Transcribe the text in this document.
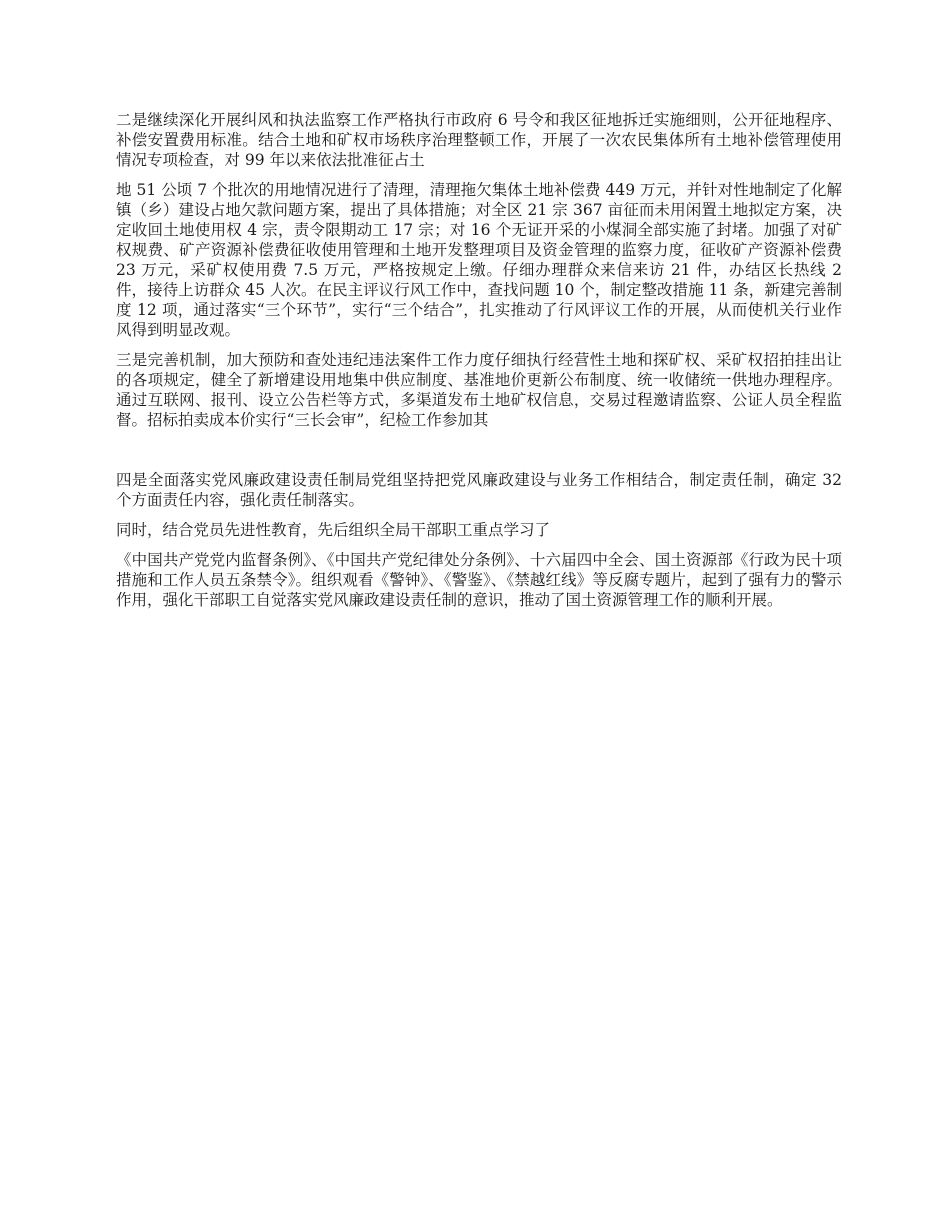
二是继续深化开展纠风和执法监察工作严格执行市政府 6 号令和我区征地拆迁实施细则，公开征地程序、补偿安置费用标准。结合土地和矿权市场秩序治理整顿工作，开展了一次农民集体所有土地补偿管理使用情况专项检查，对 99 年以来依法批准征占土

地 51 公顷 7 个批次的用地情况进行了清理，清理拖欠集体土地补偿费 449 万元，并针对性地制定了化解镇（乡）建设占地欠款问题方案，提出了具体措施；对全区 21 宗 367 亩征而未用闲置土地拟定方案，决定收回土地使用权 4 宗，责令限期动工 17 宗；对 16 个无证开采的小煤洞全部实施了封堵。加强了对矿权规费、矿产资源补偿费征收使用管理和土地开发整理项目及资金管理的监察力度，征收矿产资源补偿费 23 万元，采矿权使用费 7.5 万元，严格按规定上缴。仔细办理群众来信来访 21 件，办结区长热线 2 件，接待上访群众 45 人次。在民主评议行风工作中，查找问题 10 个，制定整改措施 11 条，新建完善制度 12 项，通过落实“三个环节”，实行“三个结合”，扎实推动了行风评议工作的开展，从而使机关行业作风得到明显改观。

三是完善机制，加大预防和查处违纪违法案件工作力度仔细执行经营性土地和探矿权、采矿权招拍挂出让的各项规定，健全了新增建设用地集中供应制度、基准地价更新公布制度、统一收储统一供地办理程序。通过互联网、报刊、设立公告栏等方式，多渠道发布土地矿权信息，交易过程邀请监察、公证人员全程监督。招标拍卖成本价实行“三长会审”，纪检工作参加其

四是全面落实党风廉政建设责任制局党组坚持把党风廉政建设与业务工作相结合，制定责任制，确定 32 个方面责任内容，强化责任制落实。

同时，结合党员先进性教育，先后组织全局干部职工重点学习了

《中国共产党党内监督条例》、《中国共产党纪律处分条例》、十六届四中全会、国土资源部《行政为民十项措施和工作人员五条禁令》。组织观看《警钟》、《警鉴》、《禁越红线》等反腐专题片，起到了强有力的警示作用，强化干部职工自觉落实党风廉政建设责任制的意识，推动了国土资源管理工作的顺利开展。
